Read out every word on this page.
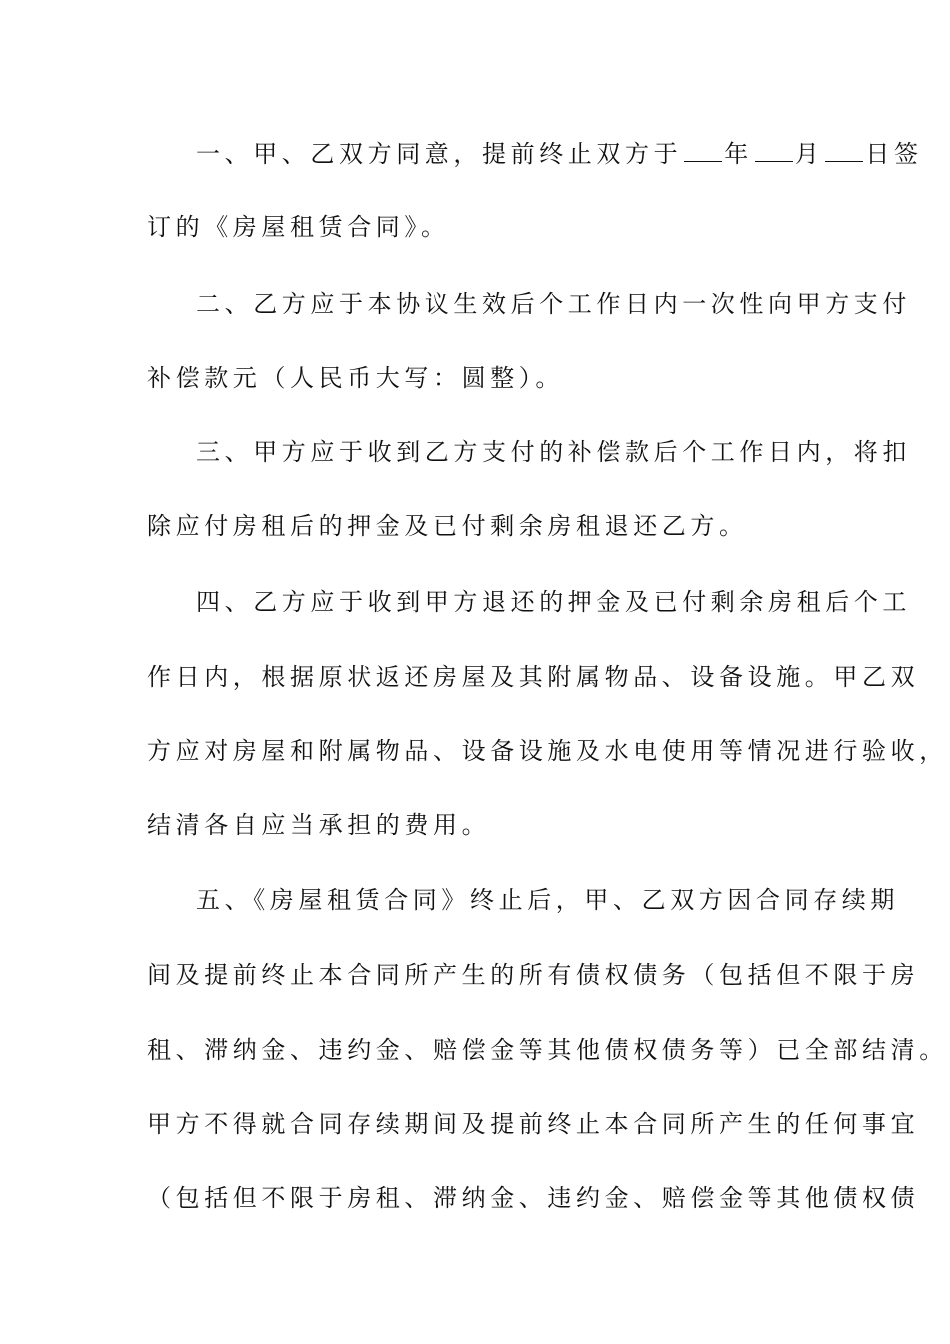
一、甲、乙双方同意，提前终止双方于 年 月 日签
订的《房屋租赁合同》。
二、乙方应于本协议生效后个工作日内一次性向甲方支付
补偿款元（人民币大写：圆整）。
三、甲方应于收到乙方支付的补偿款后个工作日内，将扣
除应付房租后的押金及已付剩余房租退还乙方。
四、乙方应于收到甲方退还的押金及已付剩余房租后个工
作日内，根据原状返还房屋及其附属物品、设备设施。甲乙双
方应对房屋和附属物品、设备设施及水电使用等情况进行验收，
结清各自应当承担的费用。
五、《房屋租赁合同》终止后，甲、乙双方因合同存续期
间及提前终止本合同所产生的所有债权债务（包括但不限于房
租、滞纳金、违约金、赔偿金等其他债权债务等）已全部结清。
甲方不得就合同存续期间及提前终止本合同所产生的任何事宜
（包括但不限于房租、滞纳金、违约金、赔偿金等其他债权债
